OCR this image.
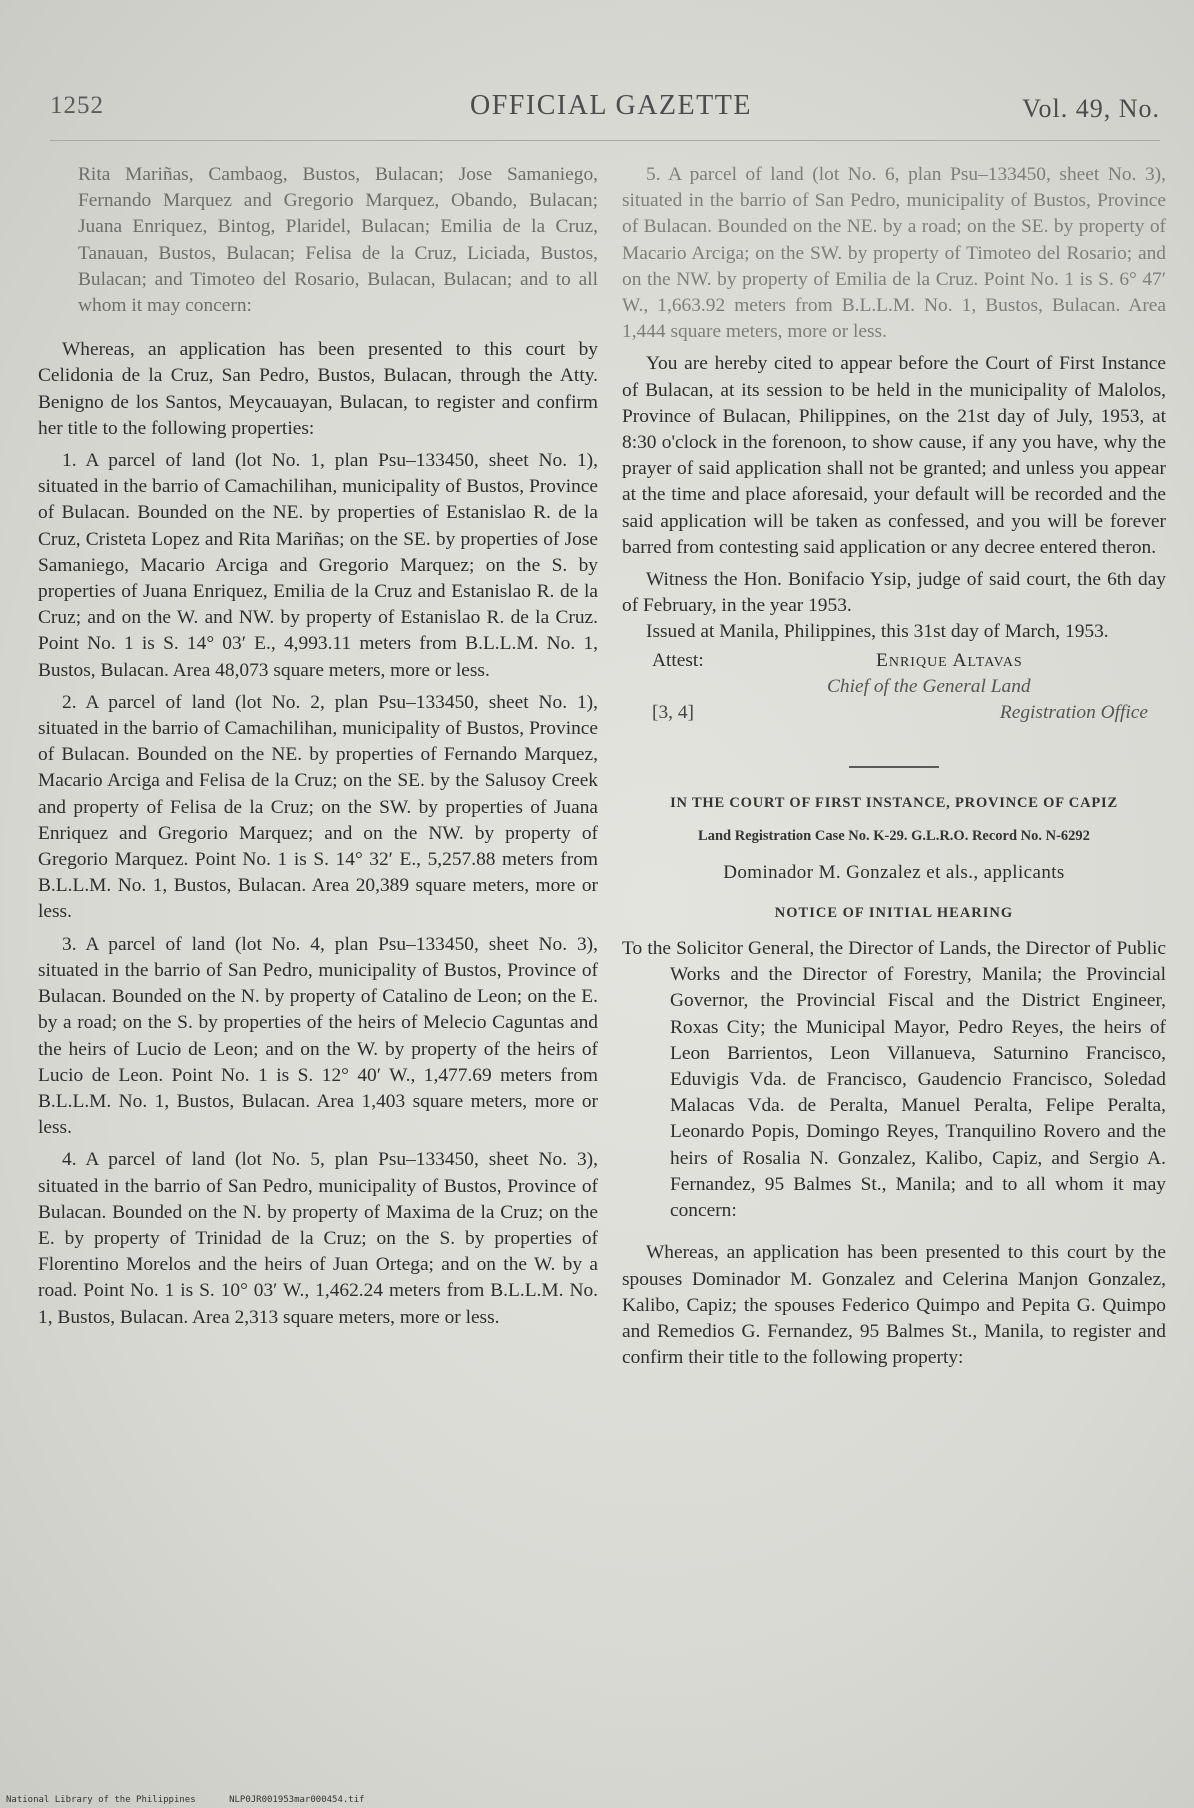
1252	OFFICIAL GAZETTE	Vol. 49, No.

Rita Mariñas, Cambaog, Bustos, Bulacan; Jose Samaniego, Fernando Marquez and Gregorio Marquez, Obando, Bulacan; Juana Enriquez, Bintog, Plaridel, Bulacan; Emilia de la Cruz, Tanauan, Bustos, Bulacan; Felisa de la Cruz, Liciada, Bustos, Bulacan; and Timoteo del Rosario, Bulacan, Bulacan; and to all whom it may concern:

Whereas, an application has been presented to this court by Celidonia de la Cruz, San Pedro, Bustos, Bulacan, through the Atty. Benigno de los Santos, Meycauayan, Bulacan, to register and confirm her title to the following properties:

1. A parcel of land (lot No. 1, plan Psu–133450, sheet No. 1), situated in the barrio of Camachilihan, municipality of Bustos, Province of Bulacan. Bounded on the NE. by properties of Estanislao R. de la Cruz, Cristeta Lopez and Rita Mariñas; on the SE. by properties of Jose Samaniego, Macario Arciga and Gregorio Marquez; on the S. by properties of Juana Enriquez, Emilia de la Cruz and Estanislao R. de la Cruz; and on the W. and NW. by property of Estanislao R. de la Cruz. Point No. 1 is S. 14° 03′ E., 4,993.11 meters from B.L.L.M. No. 1, Bustos, Bulacan. Area 48,073 square meters, more or less.

2. A parcel of land (lot No. 2, plan Psu–133450, sheet No. 1), situated in the barrio of Camachilihan, municipality of Bustos, Province of Bulacan. Bounded on the NE. by properties of Fernando Marquez, Macario Arciga and Felisa de la Cruz; on the SE. by the Salusoy Creek and property of Felisa de la Cruz; on the SW. by properties of Juana Enriquez and Gregorio Marquez; and on the NW. by property of Gregorio Marquez. Point No. 1 is S. 14° 32′ E., 5,257.88 meters from B.L.L.M. No. 1, Bustos, Bulacan. Area 20,389 square meters, more or less.

3. A parcel of land (lot No. 4, plan Psu–133450, sheet No. 3), situated in the barrio of San Pedro, municipality of Bustos, Province of Bulacan. Bounded on the N. by property of Catalino de Leon; on the E. by a road; on the S. by properties of the heirs of Melecio Caguntas and the heirs of Lucio de Leon; and on the W. by property of the heirs of Lucio de Leon. Point No. 1 is S. 12° 40′ W., 1,477.69 meters from B.L.L.M. No. 1, Bustos, Bulacan. Area 1,403 square meters, more or less.

4. A parcel of land (lot No. 5, plan Psu–133450, sheet No. 3), situated in the barrio of San Pedro, municipality of Bustos, Province of Bulacan. Bounded on the N. by property of Maxima de la Cruz; on the E. by property of Trinidad de la Cruz; on the S. by properties of Florentino Morelos and the heirs of Juan Ortega; and on the W. by a road. Point No. 1 is S. 10° 03′ W., 1,462.24 meters from B.L.L.M. No. 1, Bustos, Bulacan. Area 2,313 square meters, more or less.

5. A parcel of land (lot No. 6, plan Psu–133450, sheet No. 3), situated in the barrio of San Pedro, municipality of Bustos, Province of Bulacan. Bounded on the NE. by a road; on the SE. by property of Macario Arciga; on the SW. by property of Timoteo del Rosario; and on the NW. by property of Emilia de la Cruz. Point No. 1 is S. 6° 47′ W., 1,663.92 meters from B.L.L.M. No. 1, Bustos, Bulacan. Area 1,444 square meters, more or less.

You are hereby cited to appear before the Court of First Instance of Bulacan, at its session to be held in the municipality of Malolos, Province of Bulacan, Philippines, on the 21st day of July, 1953, at 8:30 o'clock in the forenoon, to show cause, if any you have, why the prayer of said application shall not be granted; and unless you appear at the time and place aforesaid, your default will be recorded and the said application will be taken as confessed, and you will be forever barred from contesting said application or any decree entered theron.

Witness the Hon. Bonifacio Ysip, judge of said court, the 6th day of February, in the year 1953.

Issued at Manila, Philippines, this 31st day of March, 1953.

Attest:	Enrique Altavas
Chief of the General Land
[3, 4]	Registration Office
IN THE COURT OF FIRST INSTANCE, PROVINCE OF CAPIZ
Land Registration Case No. K-29. G.L.R.O. Record No. N-6292
Dominador M. Gonzalez et als., applicants
NOTICE OF INITIAL HEARING

To the Solicitor General, the Director of Lands, the Director of Public Works and the Director of Forestry, Manila; the Provincial Governor, the Provincial Fiscal and the District Engineer, Roxas City; the Municipal Mayor, Pedro Reyes, the heirs of Leon Barrientos, Leon Villanueva, Saturnino Francisco, Eduvigis Vda. de Francisco, Gaudencio Francisco, Soledad Malacas Vda. de Peralta, Manuel Peralta, Felipe Peralta, Leonardo Popis, Domingo Reyes, Tranquilino Rovero and the heirs of Rosalia N. Gonzalez, Kalibo, Capiz, and Sergio A. Fernandez, 95 Balmes St., Manila; and to all whom it may concern:

Whereas, an application has been presented to this court by the spouses Dominador M. Gonzalez and Celerina Manjon Gonzalez, Kalibo, Capiz; the spouses Federico Quimpo and Pepita G. Quimpo and Remedios G. Fernandez, 95 Balmes St., Manila, to register and confirm their title to the following property:

National Library of the Philippines	NLP0JR001953mar000454.tif
